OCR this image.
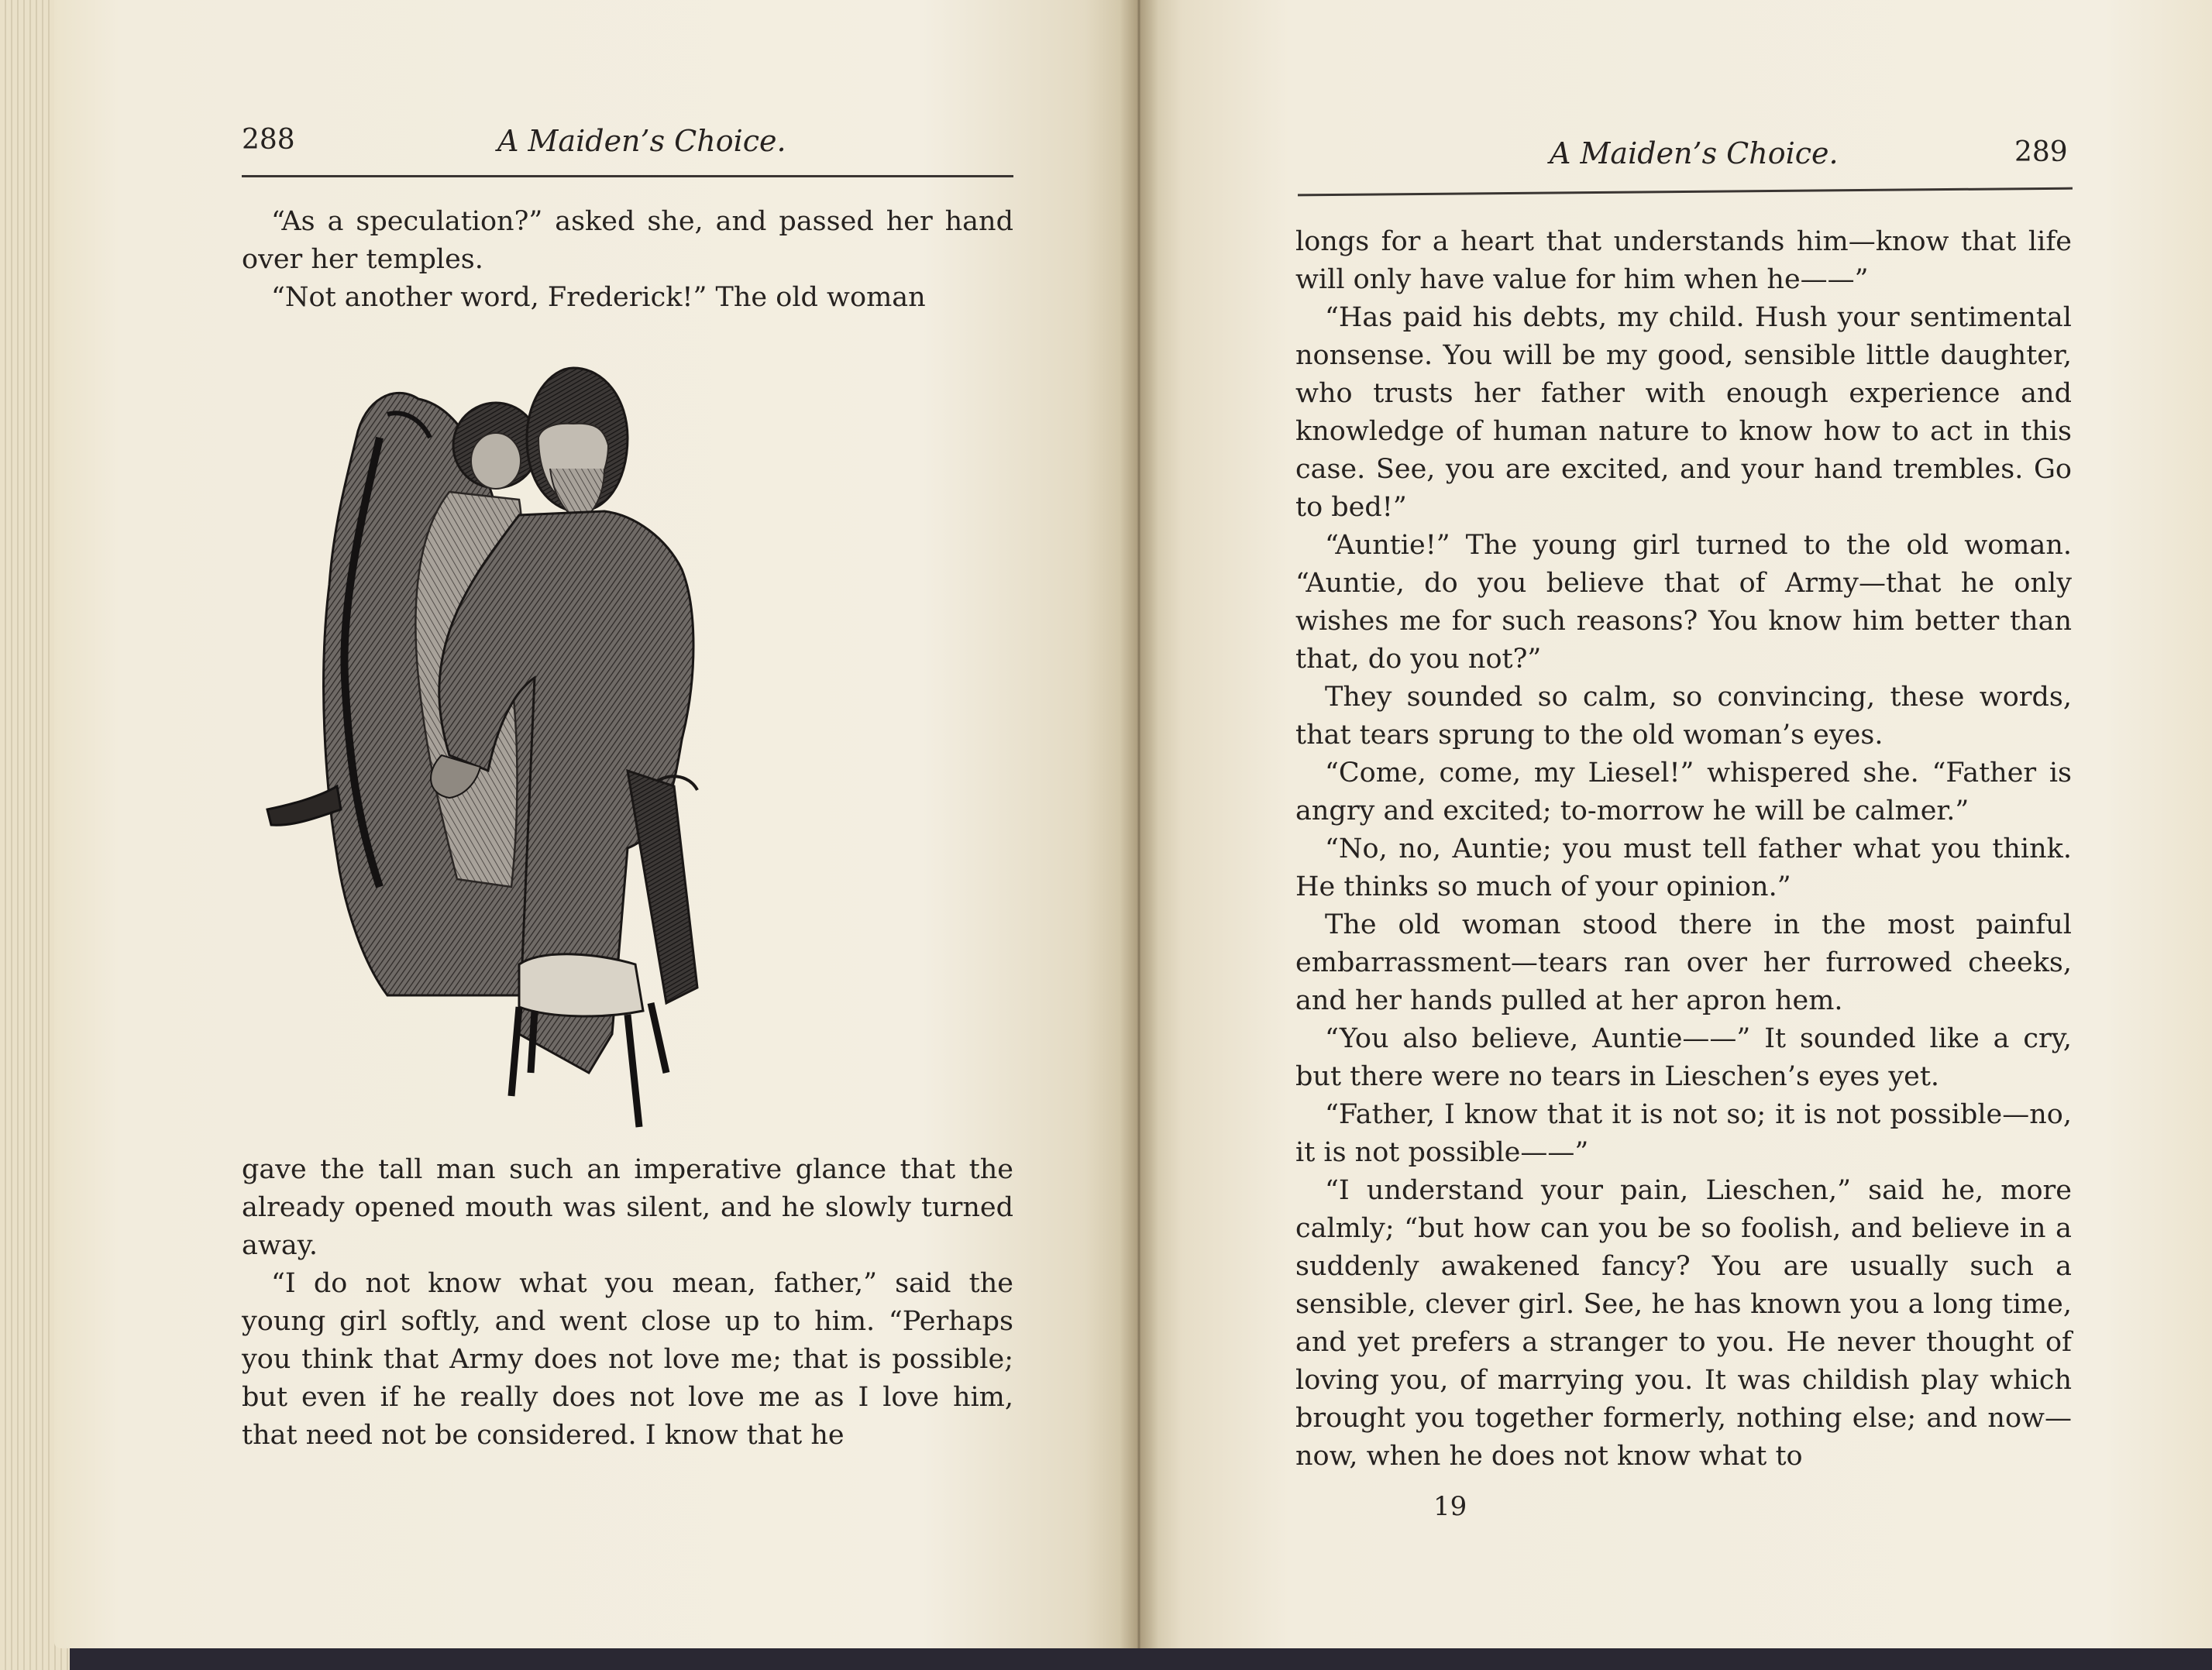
288	A Maiden’s Choice.

“As a speculation?” asked she, and passed her hand over her temples.

“Not another word, Frederick!” The old woman

gave the tall man such an imperative glance that the already opened mouth was silent, and he slowly turned away.

“I do not know what you mean, father,” said the young girl softly, and went close up to him. “Perhaps you think that Army does not love me; that is possible; but even if he really does not love me as I love him, that need not be considered. I know that he

A Maiden’s Choice.	289

longs for a heart that understands him—know that life will only have value for him when he——”

“Has paid his debts, my child. Hush your sentimental nonsense. You will be my good, sensible little daughter, who trusts her father with enough experience and knowledge of human nature to know how to act in this case. See, you are excited, and your hand trembles. Go to bed!”

“Auntie!” The young girl turned to the old woman. “Auntie, do you believe that of Army—that he only wishes me for such reasons? You know him better than that, do you not?”

They sounded so calm, so convincing, these words, that tears sprung to the old woman’s eyes.

“Come, come, my Liesel!” whispered she. “Father is angry and excited; to-morrow he will be calmer.”

“No, no, Auntie; you must tell father what you think. He thinks so much of your opinion.”

The old woman stood there in the most painful embarrassment—tears ran over her furrowed cheeks, and her hands pulled at her apron hem.

“You also believe, Auntie——” It sounded like a cry, but there were no tears in Lieschen’s eyes yet.

“Father, I know that it is not so; it is not possible—no, it is not possible——”

“I understand your pain, Lieschen,” said he, more calmly; “but how can you be so foolish, and believe in a suddenly awakened fancy? You are usually such a sensible, clever girl. See, he has known you a long time, and yet prefers a stranger to you. He never thought of loving you, of marrying you. It was childish play which brought you together formerly, nothing else; and now—now, when he does not know what to

19
